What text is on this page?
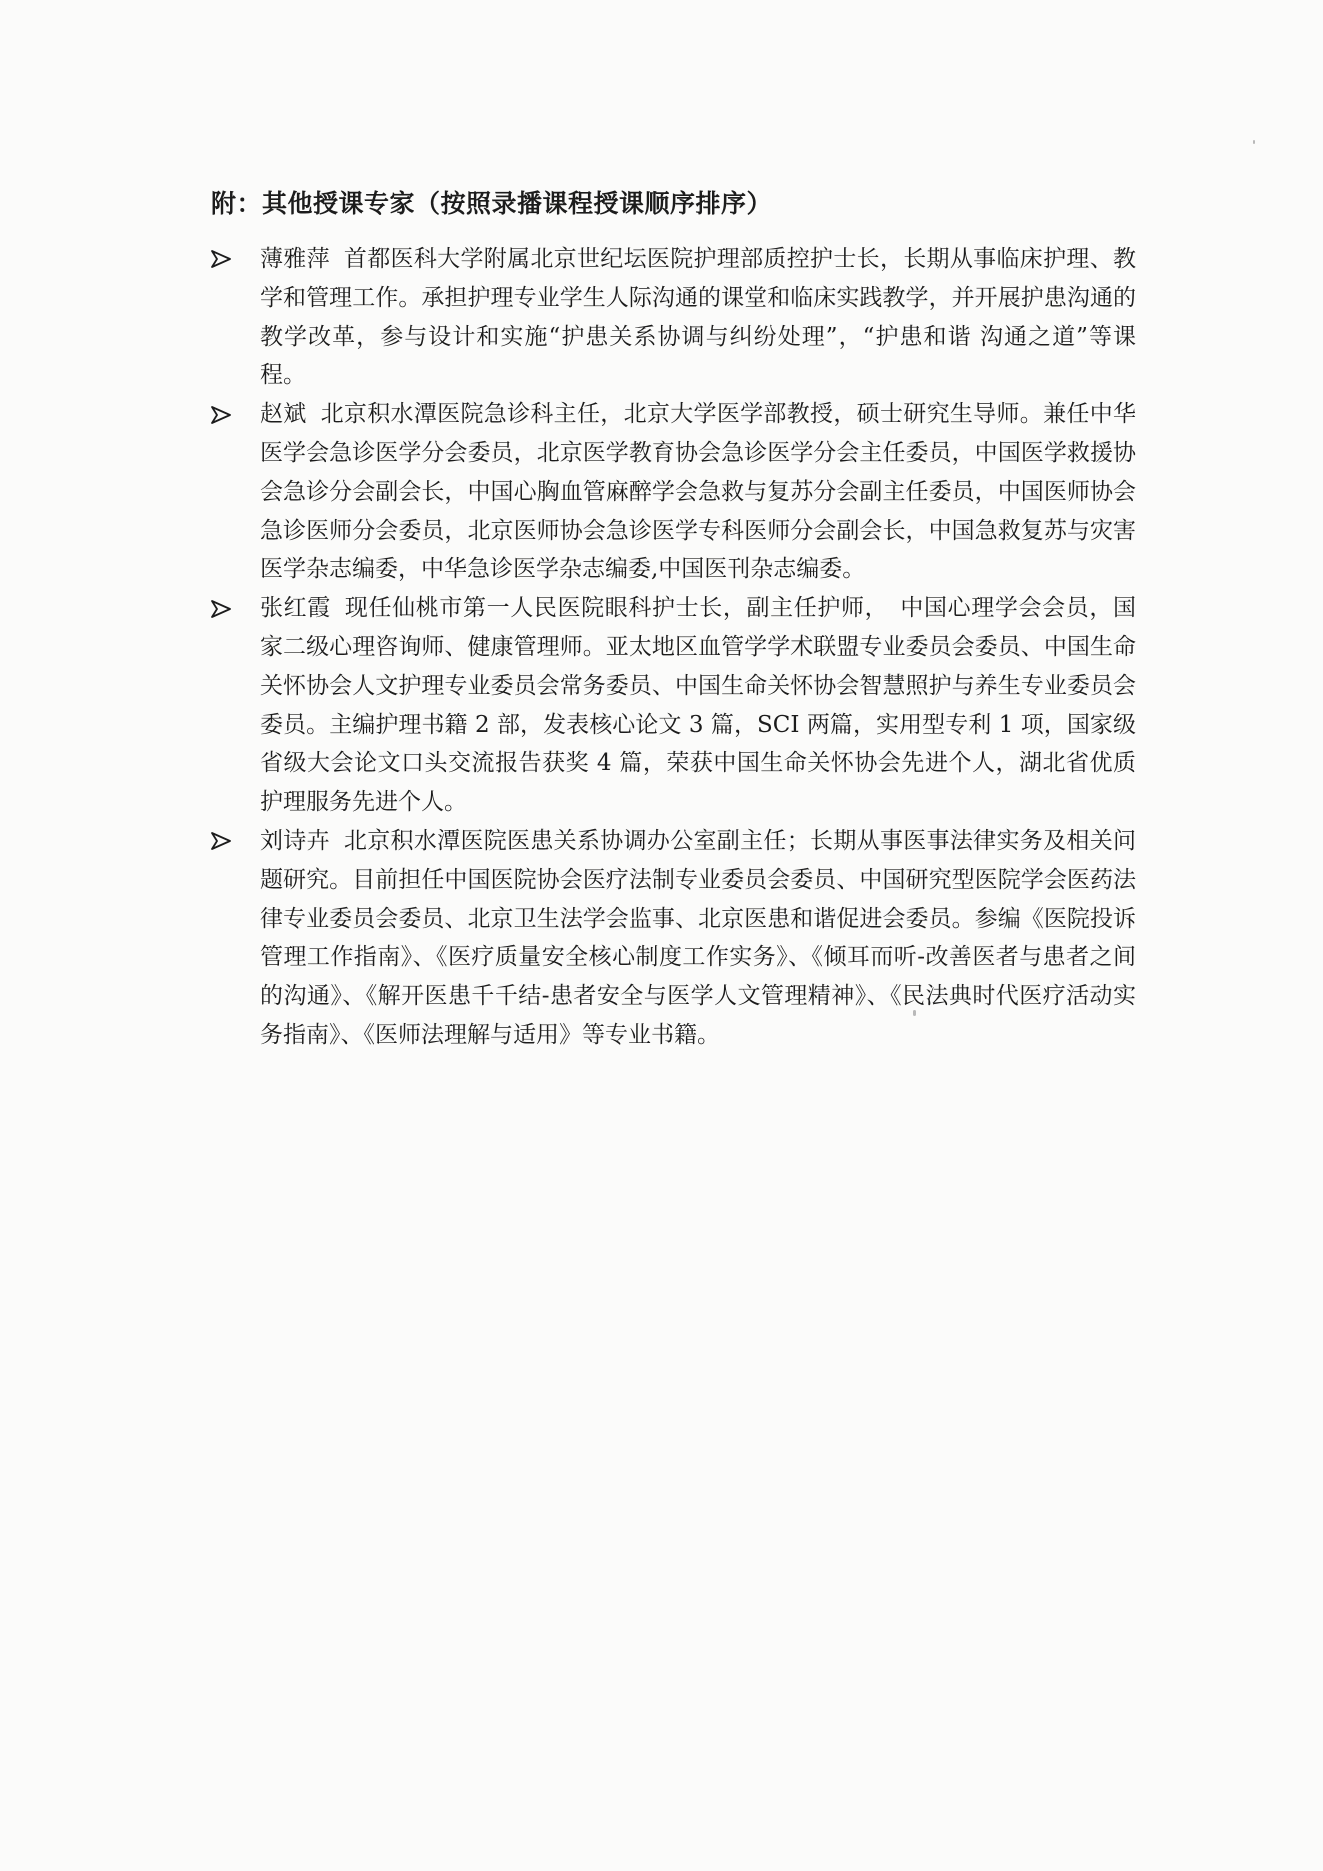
附：其他授课专家（按照录播课程授课顺序排序）
薄雅萍 首都医科大学附属北京世纪坛医院护理部质控护士长，长期从事临床护理、教学和管理工作。承担护理专业学生人际沟通的课堂和临床实践教学，并开展护患沟通的教学改革，参与设计和实施“护患关系协调与纠纷处理”，“护患和谐 沟通之道”等课程。
赵斌 北京积水潭医院急诊科主任，北京大学医学部教授，硕士研究生导师。兼任中华医学会急诊医学分会委员，北京医学教育协会急诊医学分会主任委员，中国医学救援协会急诊分会副会长，中国心胸血管麻醉学会急救与复苏分会副主任委员，中国医师协会急诊医师分会委员，北京医师协会急诊医学专科医师分会副会长，中国急救复苏与灾害医学杂志编委，中华急诊医学杂志编委,中国医刊杂志编委。
张红霞 现任仙桃市第一人民医院眼科护士长，副主任护师，　中国心理学会会员，国家二级心理咨询师、健康管理师。亚太地区血管学学术联盟专业委员会委员、中国生命关怀协会人文护理专业委员会常务委员、中国生命关怀协会智慧照护与养生专业委员会委员。主编护理书籍 2 部，发表核心论文 3 篇，SCI 两篇，实用型专利 1 项，国家级省级大会论文口头交流报告获奖 4 篇，荣获中国生命关怀协会先进个人，湖北省优质护理服务先进个人。
刘诗卉 北京积水潭医院医患关系协调办公室副主任；长期从事医事法律实务及相关问题研究。目前担任中国医院协会医疗法制专业委员会委员、中国研究型医院学会医药法律专业委员会委员、北京卫生法学会监事、北京医患和谐促进会委员。参编《医院投诉管理工作指南》、《医疗质量安全核心制度工作实务》、《倾耳而听-改善医者与患者之间的沟通》、《解开医患千千结-患者安全与医学人文管理精神》、《民法典时代医疗活动实务指南》、《医师法理解与适用》等专业书籍。
